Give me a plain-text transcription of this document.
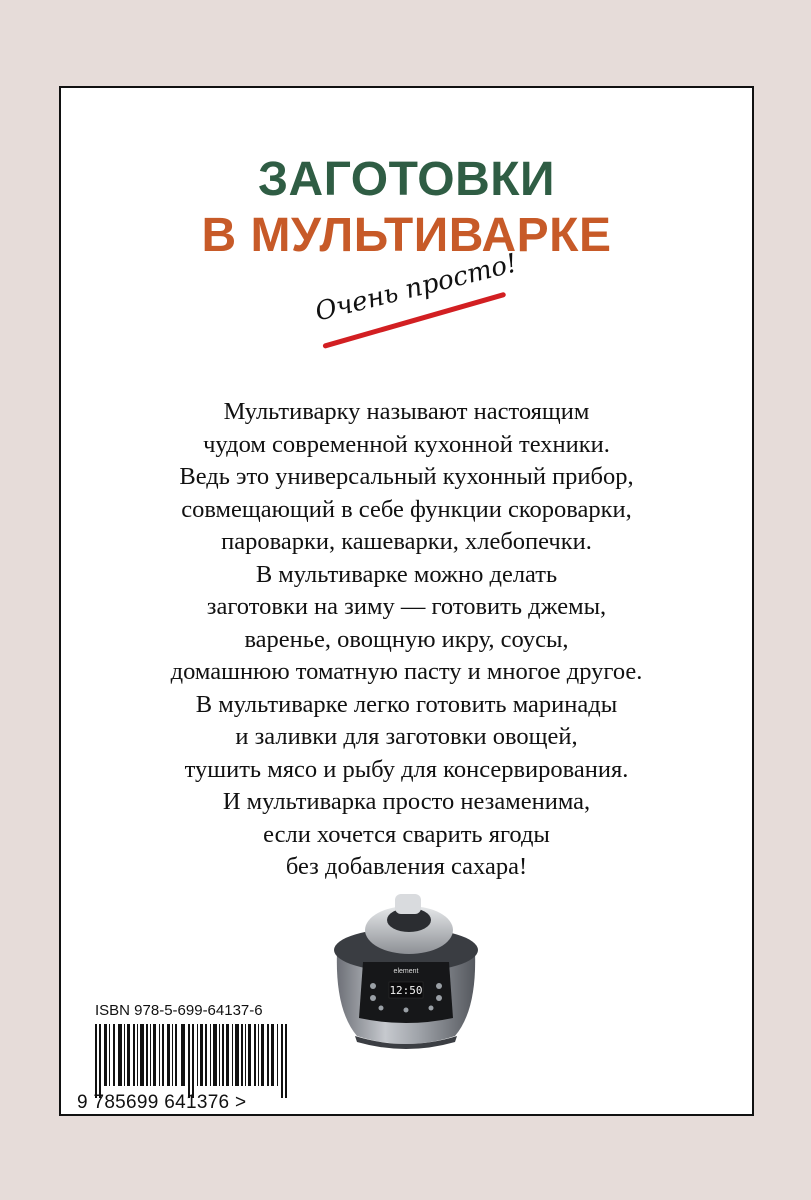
ЗАГОТОВКИ
В МУЛЬТИВАРКЕ
Очень просто!
Мультиварку называют настоящим
чудом современной кухонной техники.
Ведь это универсальный кухонный прибор,
совмещающий в себе функции скороварки,
пароварки, кашеварки, хлебопечки.
В мультиварке можно делать
заготовки на зиму — готовить джемы,
варенье, овощную икру, соусы,
домашнюю томатную пасту и многое другое.
В мультиварке легко готовить маринады
и заливки для заготовки овощей,
тушить мясо и рыбу для консервирования.
И мультиварка просто незаменима,
если хочется сварить ягоды
без добавления сахара!
ISBN 978-5-699-64137-6
9 785699 641376 >
element
12:50
